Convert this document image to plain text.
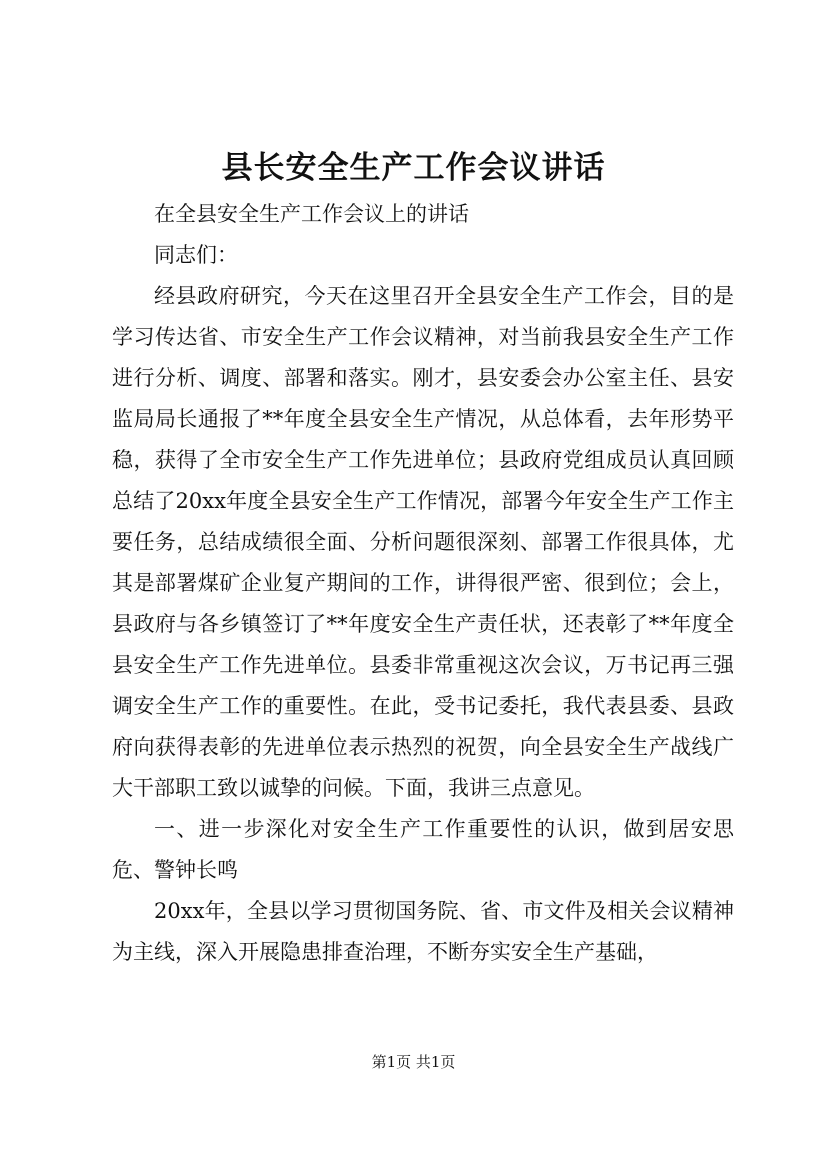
县长安全生产工作会议讲话

在全县安全生产工作会议上的讲话

同志们：

经县政府研究，今天在这里召开全县安全生产工作会，目的是学习传达省、市安全生产工作会议精神，对当前我县安全生产工作进行分析、调度、部署和落实。刚才，县安委会办公室主任、县安监局局长通报了**年度全县安全生产情况，从总体看，去年形势平稳，获得了全市安全生产工作先进单位；县政府党组成员认真回顾总结了20xx年度全县安全生产工作情况，部署今年安全生产工作主要任务，总结成绩很全面、分析问题很深刻、部署工作很具体，尤其是部署煤矿企业复产期间的工作，讲得很严密、很到位；会上，县政府与各乡镇签订了**年度安全生产责任状，还表彰了**年度全县安全生产工作先进单位。县委非常重视这次会议，万书记再三强调安全生产工作的重要性。在此，受书记委托，我代表县委、县政府向获得表彰的先进单位表示热烈的祝贺，向全县安全生产战线广大干部职工致以诚挚的问候。下面，我讲三点意见。

一、进一步深化对安全生产工作重要性的认识，做到居安思危、警钟长鸣

20xx年，全县以学习贯彻国务院、省、市文件及相关会议精神为主线，深入开展隐患排查治理，不断夯实安全生产基础，

第1页 共1页
